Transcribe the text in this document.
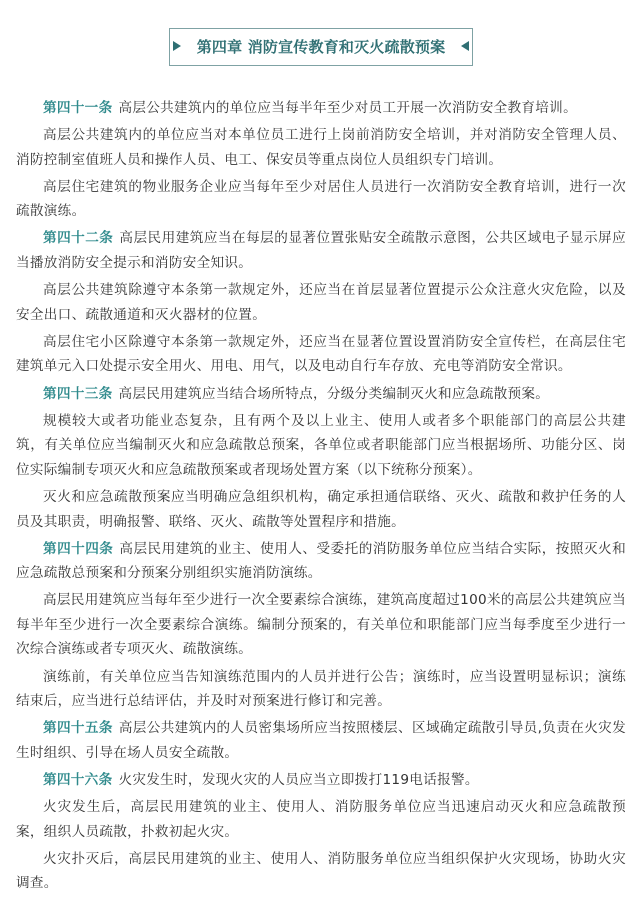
第四章 消防宣传教育和灭火疏散预案

第四十一条 高层公共建筑内的单位应当每半年至少对员工开展一次消防安全教育培训。

高层公共建筑内的单位应当对本单位员工进行上岗前消防安全培训，并对消防安全管理人员、消防控制室值班人员和操作人员、电工、保安员等重点岗位人员组织专门培训。

高层住宅建筑的物业服务企业应当每年至少对居住人员进行一次消防安全教育培训，进行一次疏散演练。

第四十二条 高层民用建筑应当在每层的显著位置张贴安全疏散示意图，公共区域电子显示屏应当播放消防安全提示和消防安全知识。

高层公共建筑除遵守本条第一款规定外，还应当在首层显著位置提示公众注意火灾危险，以及安全出口、疏散通道和灭火器材的位置。

高层住宅小区除遵守本条第一款规定外，还应当在显著位置设置消防安全宣传栏，在高层住宅建筑单元入口处提示安全用火、用电、用气，以及电动自行车存放、充电等消防安全常识。

第四十三条 高层民用建筑应当结合场所特点，分级分类编制灭火和应急疏散预案。

规模较大或者功能业态复杂，且有两个及以上业主、使用人或者多个职能部门的高层公共建筑，有关单位应当编制灭火和应急疏散总预案，各单位或者职能部门应当根据场所、功能分区、岗位实际编制专项灭火和应急疏散预案或者现场处置方案（以下统称分预案）。

灭火和应急疏散预案应当明确应急组织机构，确定承担通信联络、灭火、疏散和救护任务的人员及其职责，明确报警、联络、灭火、疏散等处置程序和措施。

第四十四条 高层民用建筑的业主、使用人、受委托的消防服务单位应当结合实际，按照灭火和应急疏散总预案和分预案分别组织实施消防演练。

高层民用建筑应当每年至少进行一次全要素综合演练，建筑高度超过100米的高层公共建筑应当每半年至少进行一次全要素综合演练。编制分预案的，有关单位和职能部门应当每季度至少进行一次综合演练或者专项灭火、疏散演练。

演练前，有关单位应当告知演练范围内的人员并进行公告；演练时，应当设置明显标识；演练结束后，应当进行总结评估，并及时对预案进行修订和完善。

第四十五条 高层公共建筑内的人员密集场所应当按照楼层、区域确定疏散引导员,负责在火灾发生时组织、引导在场人员安全疏散。

第四十六条 火灾发生时，发现火灾的人员应当立即拨打119电话报警。

火灾发生后，高层民用建筑的业主、使用人、消防服务单位应当迅速启动灭火和应急疏散预案，组织人员疏散，扑救初起火灾。

火灾扑灭后，高层民用建筑的业主、使用人、消防服务单位应当组织保护火灾现场，协助火灾调查。
